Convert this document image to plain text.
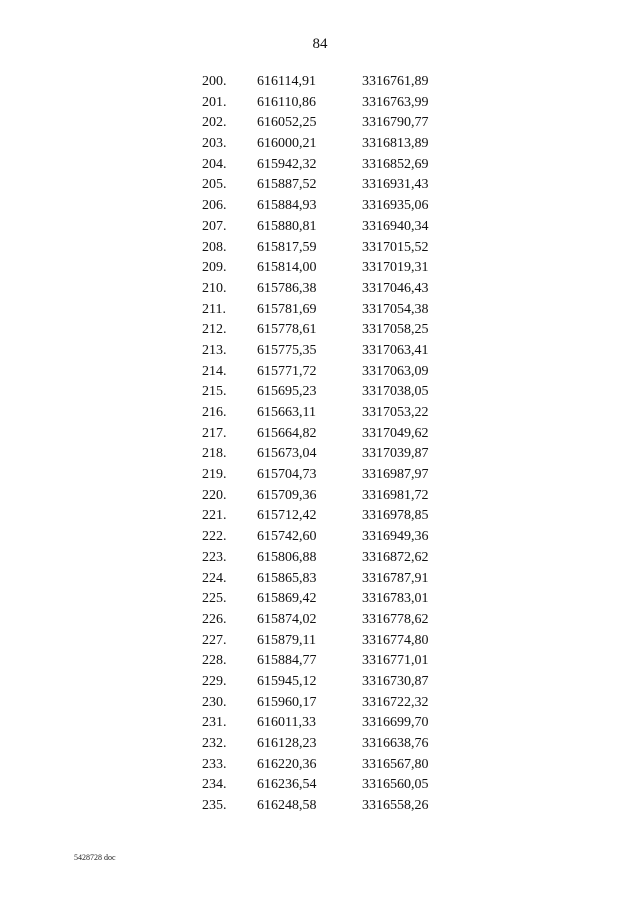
84
200. 616114,91	3316761,89
201. 616110,86	3316763,99
202. 616052,25	3316790,77
203. 616000,21	3316813,89
204. 615942,32	3316852,69
205. 615887,52	3316931,43
206. 615884,93	3316935,06
207. 615880,81	3316940,34
208. 615817,59	3317015,52
209. 615814,00	3317019,31
210. 615786,38	3317046,43
211. 615781,69	3317054,38
212. 615778,61	3317058,25
213. 615775,35	3317063,41
214. 615771,72	3317063,09
215. 615695,23	3317038,05
216. 615663,11	3317053,22
217. 615664,82	3317049,62
218. 615673,04	3317039,87
219. 615704,73	3316987,97
220. 615709,36	3316981,72
221. 615712,42	3316978,85
222. 615742,60	3316949,36
223. 615806,88	3316872,62
224. 615865,83	3316787,91
225. 615869,42	3316783,01
226. 615874,02	3316778,62
227. 615879,11	3316774,80
228. 615884,77	3316771,01
229. 615945,12	3316730,87
230. 615960,17	3316722,32
231. 616011,33	3316699,70
232. 616128,23	3316638,76
233. 616220,36	3316567,80
234. 616236,54	3316560,05
235. 616248,58	3316558,26
5428728 doc
